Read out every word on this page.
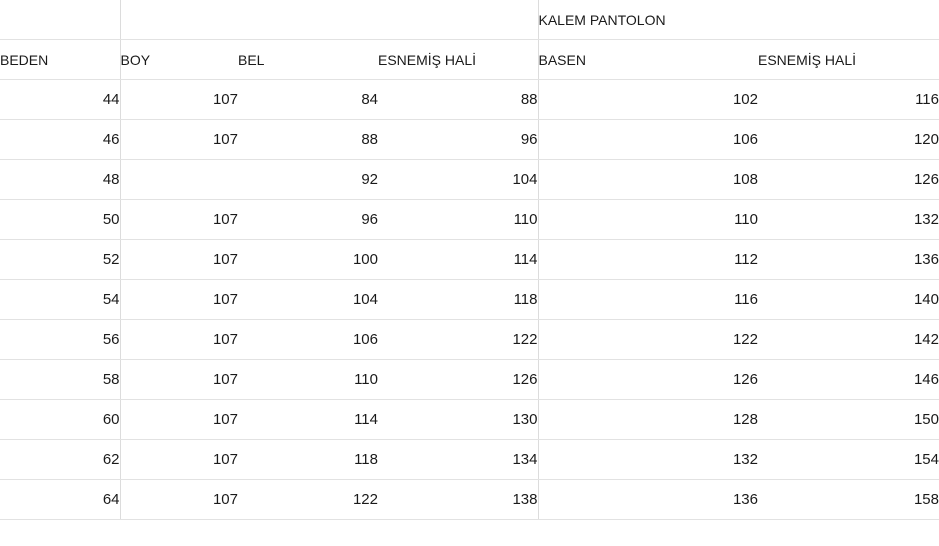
				KALEM PANTOLON	
BEDEN	BOY	BEL	ESNEMİŞ HALİ	BASEN	ESNEMİŞ HALİ
44	107	84	88	102	116
46	107	88	96	106	120
48		92	104	108	126
50	107	96	110	110	132
52	107	100	114	112	136
54	107	104	118	116	140
56	107	106	122	122	142
58	107	110	126	126	146
60	107	114	130	128	150
62	107	118	134	132	154
64	107	122	138	136	158
